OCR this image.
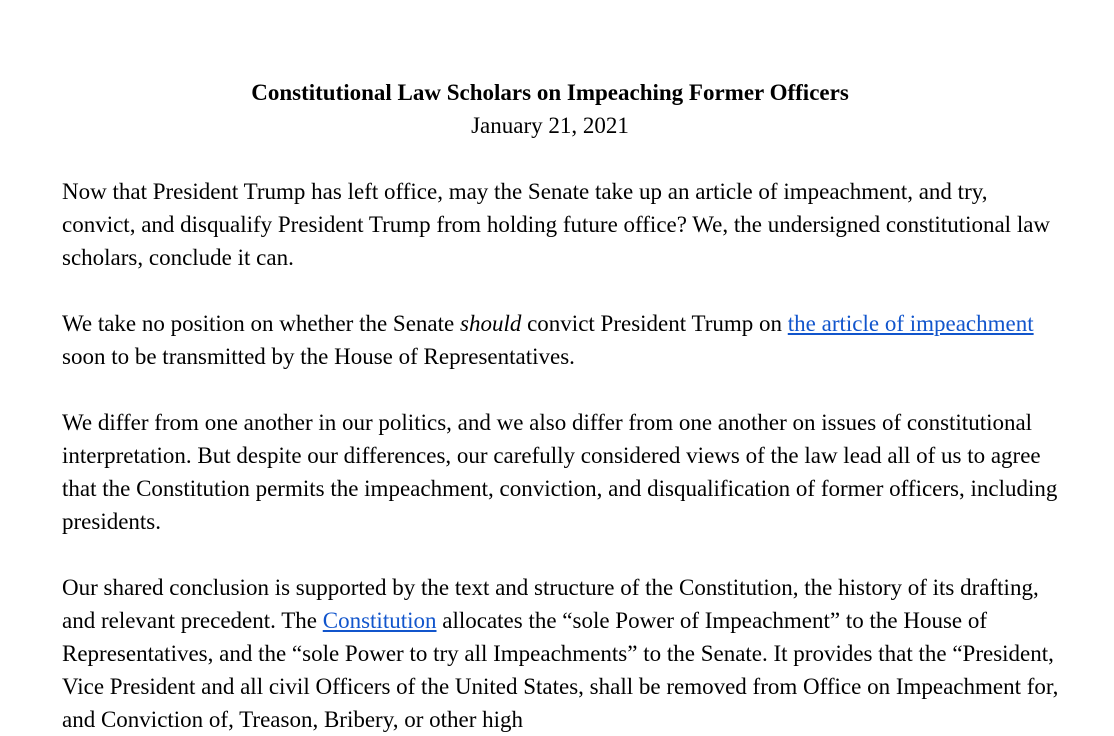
Constitutional Law Scholars on Impeaching Former Officers
January 21, 2021

Now that President Trump has left office, may the Senate take up an article of impeachment, and try, convict, and disqualify President Trump from holding future office? We, the undersigned constitutional law scholars, conclude it can.

We take no position on whether the Senate should convict President Trump on the article of impeachment soon to be transmitted by the House of Representatives.

We differ from one another in our politics, and we also differ from one another on issues of constitutional interpretation. But despite our differences, our carefully considered views of the law lead all of us to agree that the Constitution permits the impeachment, conviction, and disqualification of former officers, including presidents.

Our shared conclusion is supported by the text and structure of the Constitution, the history of its drafting, and relevant precedent. The Constitution allocates the “sole Power of Impeachment” to the House of Representatives, and the “sole Power to try all Impeachments” to the Senate. It provides that the “President, Vice President and all civil Officers of the United States, shall be removed from Office on Impeachment for, and Conviction of, Treason, Bribery, or other high
